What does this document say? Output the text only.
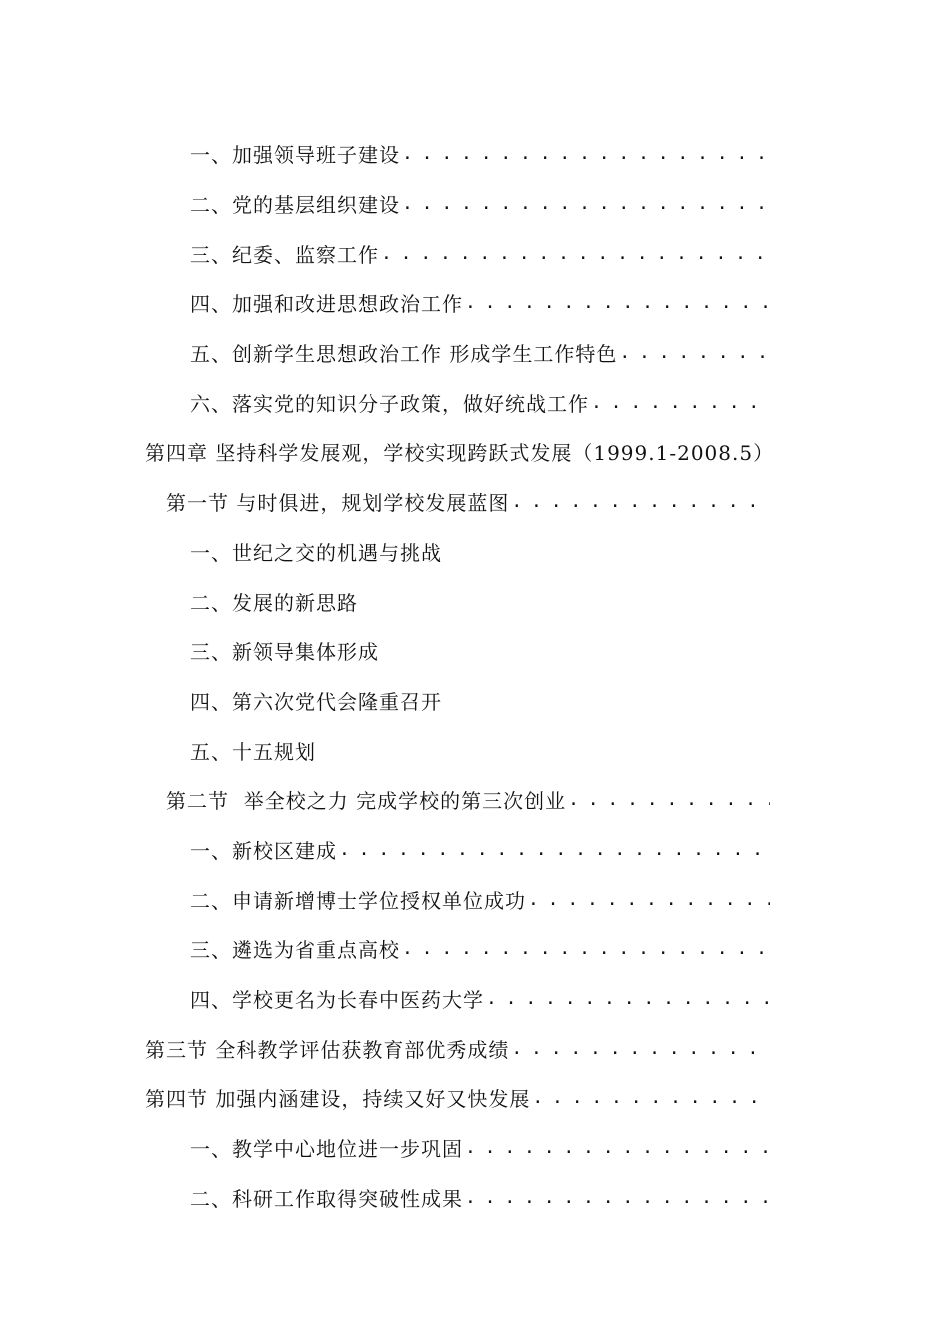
一、加强领导班子建设
. . .
二、党的基层组织建设
. . .
三、纪委、监察工作
. . .
四、加强和改进思想政治工作
. . .
五、创新学生思想政治工作 形成学生工作特色
. . .
六、落实党的知识分子政策，做好统战工作
. . .
第四章 坚持科学发展观，学校实现跨跃式发展（1999.1-2008.5）
第一节 与时俱进，规划学校发展蓝图
. . .
一、世纪之交的机遇与挑战
二、发展的新思路
三、新领导集体形成
四、第六次党代会隆重召开
五、十五规划
第二节  举全校之力 完成学校的第三次创业
. . .
一、新校区建成
. . .
二、申请新增博士学位授权单位成功
. . .
三、遴选为省重点高校
. . .
四、学校更名为长春中医药大学
. . .
第三节 全科教学评估获教育部优秀成绩
. . .
第四节 加强内涵建设，持续又好又快发展
. . .
一、教学中心地位进一步巩固
. . .
二、科研工作取得突破性成果
. . .
